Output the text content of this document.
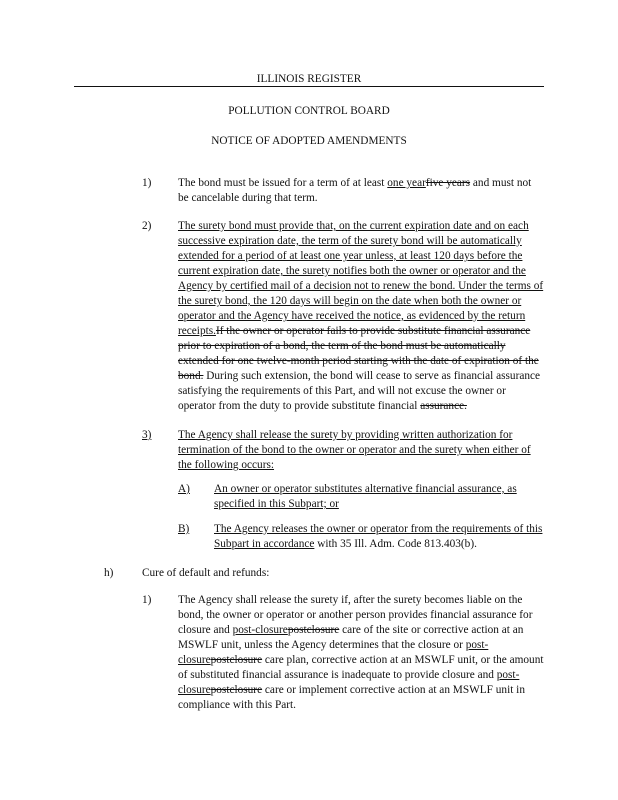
ILLINOIS REGISTER
POLLUTION CONTROL BOARD
NOTICE OF ADOPTED AMENDMENTS
1) The bond must be issued for a term of at least one yearfive years and must not be cancelable during that term.
2) The surety bond must provide that, on the current expiration date and on each successive expiration date, the term of the surety bond will be automatically extended for a period of at least one year unless, at least 120 days before the current expiration date, the surety notifies both the owner or operator and the Agency by certified mail of a decision not to renew the bond. Under the terms of the surety bond, the 120 days will begin on the date when both the owner or operator and the Agency have received the notice, as evidenced by the return receipts.If the owner or operator fails to provide substitute financial assurance prior to expiration of a bond, the term of the bond must be automatically extended for one twelve-month period starting with the date of expiration of the bond. During such extension, the bond will cease to serve as financial assurance satisfying the requirements of this Part, and will not excuse the owner or operator from the duty to provide substitute financial assurance.
3) The Agency shall release the surety by providing written authorization for termination of the bond to the owner or operator and the surety when either of the following occurs:
A) An owner or operator substitutes alternative financial assurance, as specified in this Subpart; or
B) The Agency releases the owner or operator from the requirements of this Subpart in accordance with 35 Ill. Adm. Code 813.403(b).
h)	Cure of default and refunds:
1) The Agency shall release the surety if, after the surety becomes liable on the bond, the owner or operator or another person provides financial assurance for closure and post-closurepostclosure care of the site or corrective action at an MSWLF unit, unless the Agency determines that the closure or post-closurepostclosure care plan, corrective action at an MSWLF unit, or the amount of substituted financial assurance is inadequate to provide closure and post-closurepostclosure care or implement corrective action at an MSWLF unit in compliance with this Part.
